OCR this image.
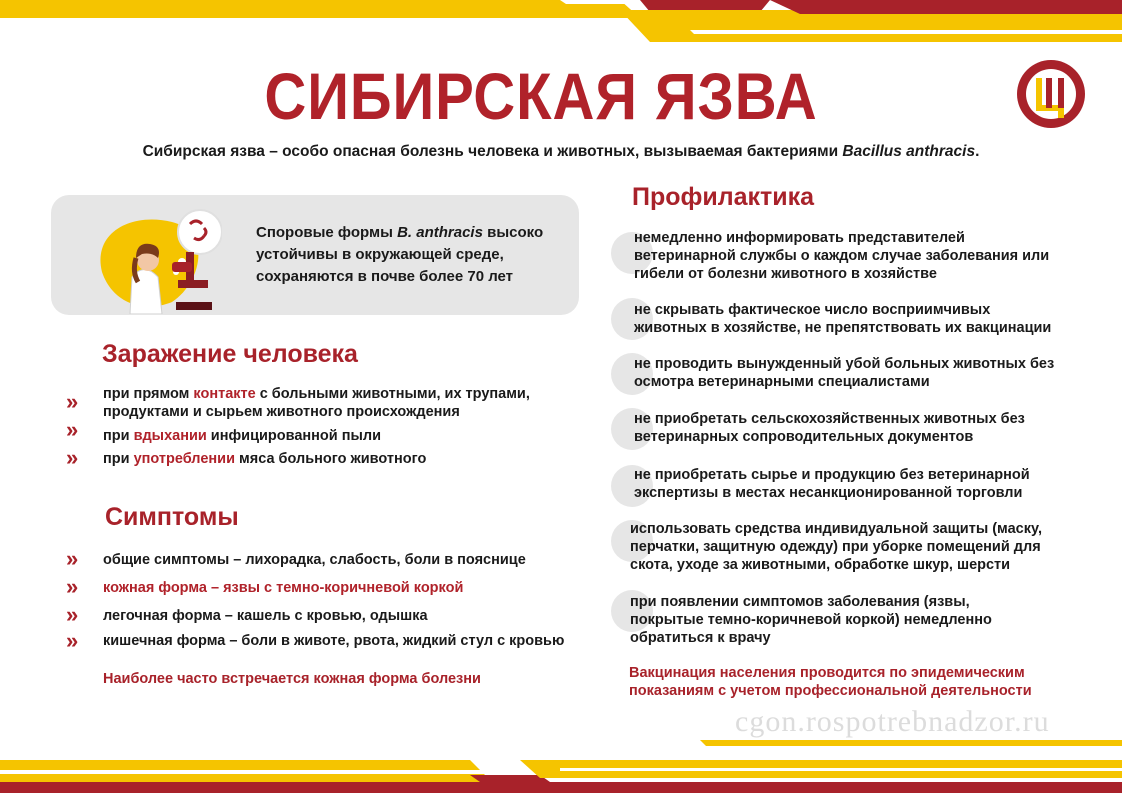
СИБИРСКАЯ ЯЗВА
Сибирская язва – особо опасная болезнь человека и животных, вызываемая бактериями Bacillus anthracis.
Споровые формы B. anthracis высоко устойчивы в окружающей среде, сохраняются в почве более 70 лет
Заражение человека
» при прямом контакте с больными животными, их трупами, продуктами и сырьем животного происхождения
» при вдыхании инфицированной пыли
» при употреблении мяса больного животного
Симптомы
» общие симптомы – лихорадка, слабость, боли в пояснице
» кожная форма – язвы с темно-коричневой коркой
» легочная форма – кашель с кровью, одышка
» кишечная форма – боли в животе, рвота, жидкий стул с кровью
Наиболее часто встречается кожная форма болезни
Профилактика
немедленно информировать представителей ветеринарной службы о каждом случае заболевания или гибели от болезни животного в хозяйстве
не скрывать фактическое число восприимчивых животных в хозяйстве, не препятствовать их вакцинации
не проводить вынужденный убой больных животных без осмотра ветеринарными специалистами
не приобретать сельскохозяйственных животных без ветеринарных сопроводительных документов
не приобретать сырье и продукцию без ветеринарной экспертизы в местах несанкционированной торговли
использовать средства индивидуальной защиты (маску, перчатки, защитную одежду) при уборке помещений для скота, уходе за животными, обработке шкур, шерсти
при появлении симптомов заболевания (язвы, покрытые темно-коричневой коркой) немедленно обратиться к врачу
Вакцинация населения проводится по эпидемическим показаниям с учетом профессиональной деятельности
cgon.rospotrebnadzor.ru
